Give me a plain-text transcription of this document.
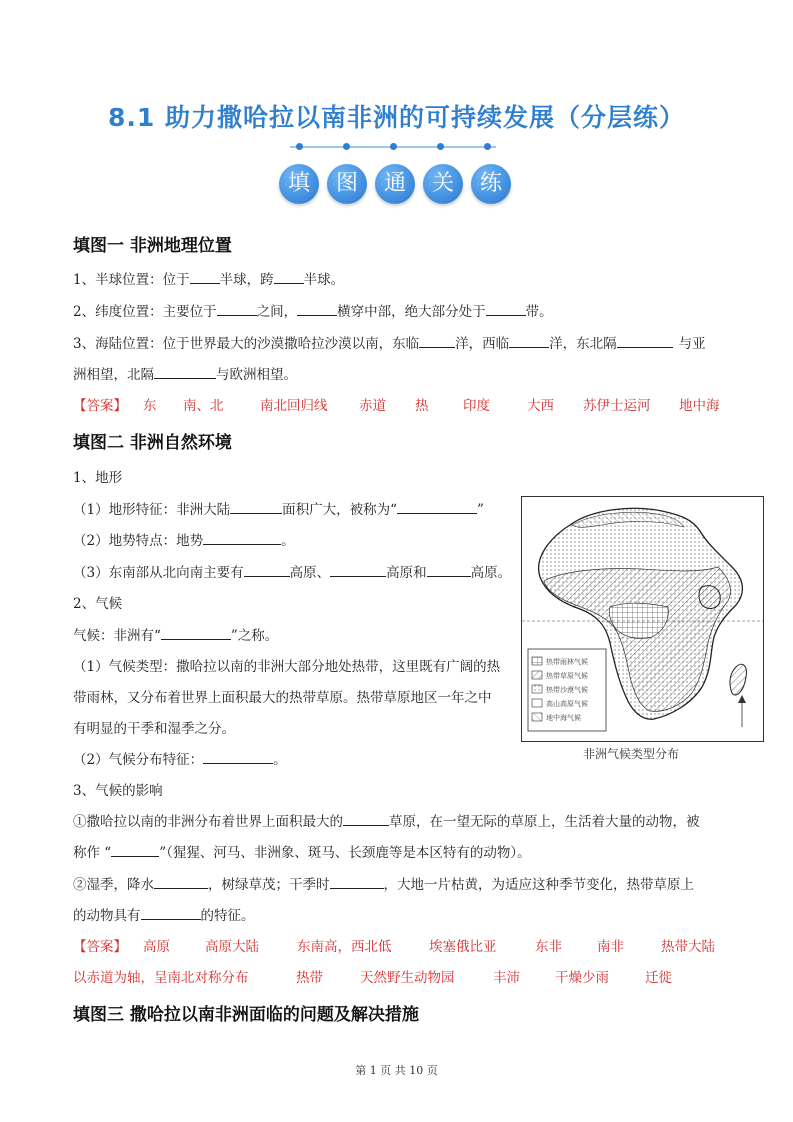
8.1 助力撒哈拉以南非洲的可持续发展（分层练）
填	图	通	关	练
填图一 非洲地理位置
1、半球位置：位于 半球，跨 半球。
2、纬度位置：主要位于	之间，	横穿中部，绝大部分处于	带。
3、海陆位置：位于世界最大的沙漠撒哈拉沙漠以南，东临	洋，西临	洋，东北隔	与亚
洲相望，北隔	与欧洲相望。
【答案】 东 南、北	南北回归线 赤道 热	印度	大西 苏伊士运河 地中海
填图二 非洲自然环境
1、地形
（1）地形特征：非洲大陆	面积广大，被称为“	”
（2）地势特点：地势	。
（3）东南部从北向南主要有	高原、	高原和	高原。
2、气候
气候：非洲有“	”之称。
（1）气候类型：撒哈拉以南的非洲大部分地处热带，这里既有广阔的热
带雨林，又分布着世界上面积最大的热带草原。热带草原地区一年之中
有明显的干季和湿季之分。
（2）气候分布特征：	。
3、气候的影响
①撒哈拉以南的非洲分布着世界上面积最大的	草原，在一望无际的草原上，生活着大量的动物，被
称作 “	”（猩猩、河马、非洲象、斑马、长颈鹿等是本区特有的动物）。
②湿季，降水	，树绿草茂；干季时	，大地一片枯黄，为适应这种季节变化，热带草原上
的动物具有	的特征。
【答案】 高原	高原大陆	东南高，西北低	埃塞俄比亚	东非	南非	热带大陆
以赤道为轴，呈南北对称分布	热带	天然野生动物园	丰沛	干燥少雨	迁徙
热带雨林气候
热带草原气候
热带沙漠气候
高山高原气候
地中海气候
非洲气候类型分布
填图三 撒哈拉以南非洲面临的问题及解决措施
第 1 页 共 10 页
